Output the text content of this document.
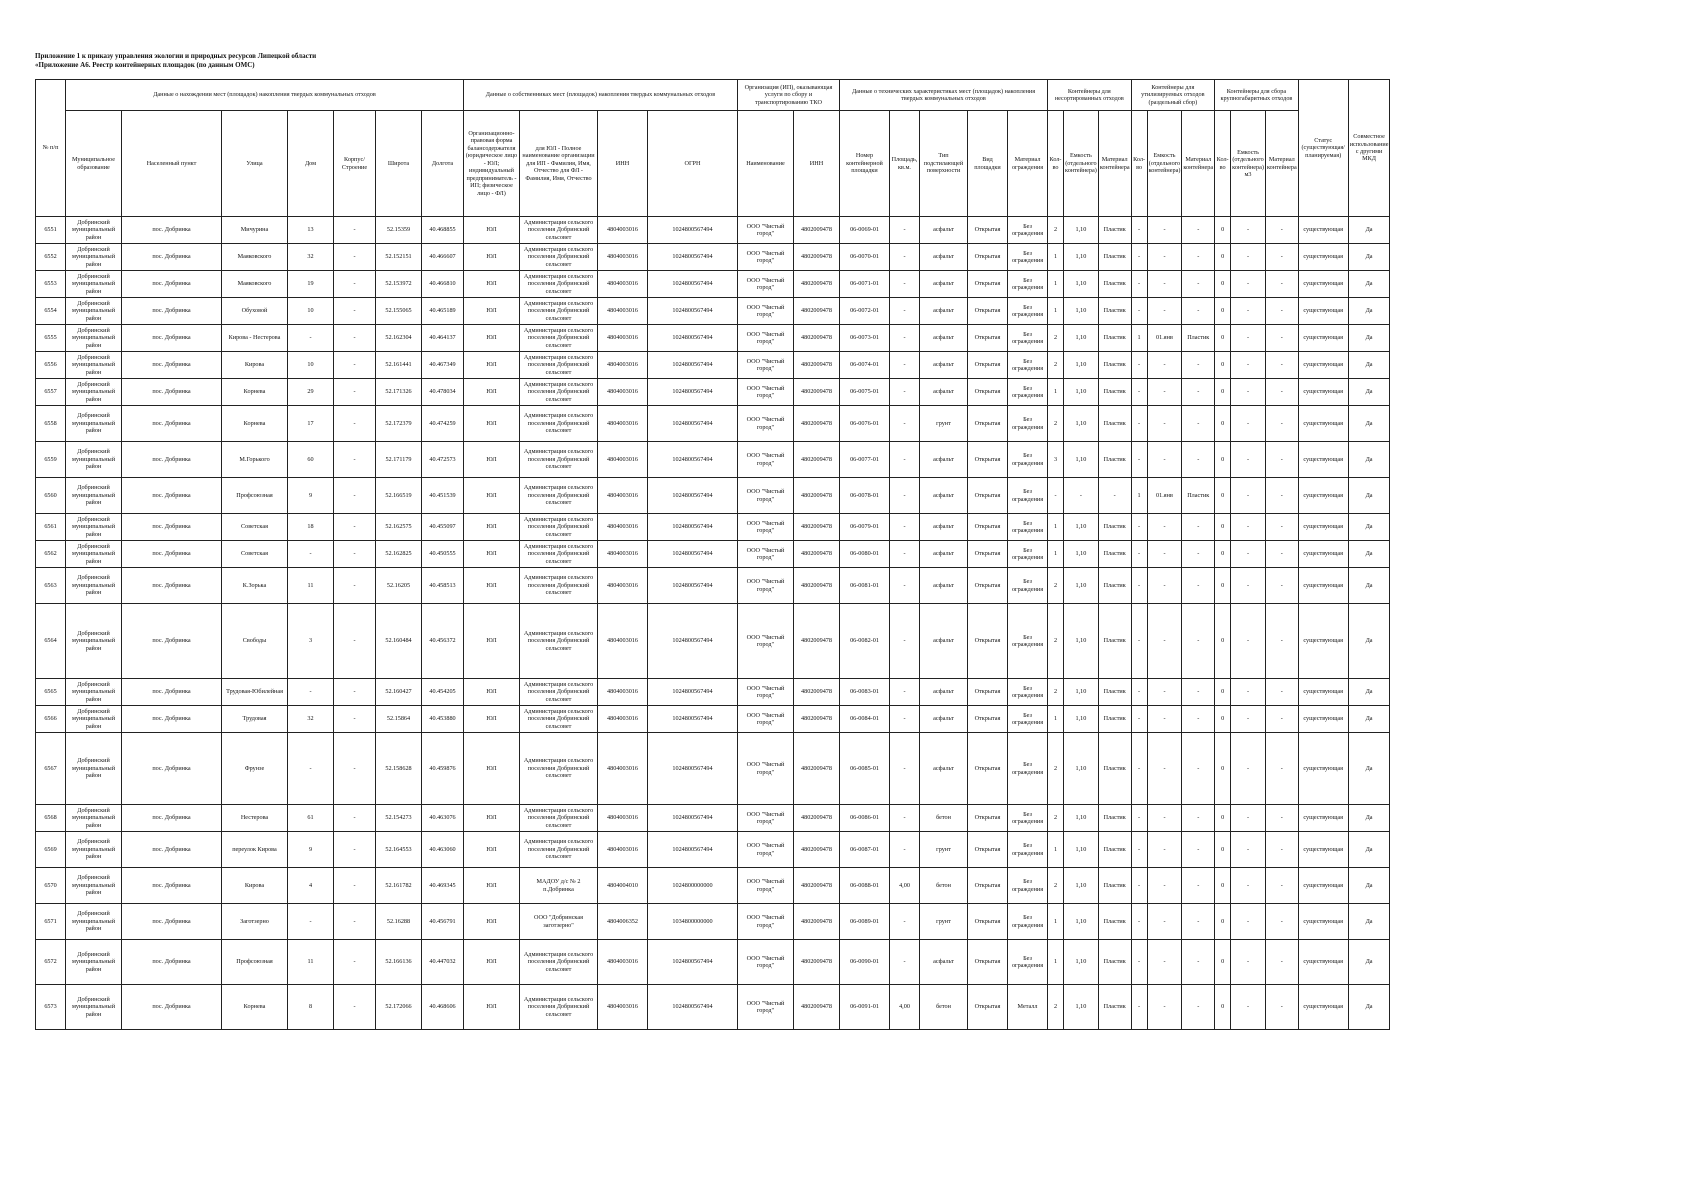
Приложение 1 к приказу управления экологии и природных ресурсов Липецкой области
«Приложение А6. Реестр контейнерных площадок (по данным ОМС)
№ п/п	Данные о нахождении мест (площадок) накопления твердых коммунальных отходов							Данные о собственниках мест (площадок) накопления твердых коммунальных отходов				Организация (ИП), оказывающая услуги по сбору и транспортированию ТКО		Данные о технических характеристиках мест (площадок) накопления твердых коммунальных отходов					Контейнеры для несортированных отходов			Контейнеры для утилизируемых отходов (раздельный сбор)			Контейнеры для сбора крупногабаритных отходов			Статус (существующая/планируемая)	Совместное использование с другими МКД
	Муниципальное образование	Населенный пункт	Улица	Дом	Корпус/Строение	Широта	Долгота	Организационно-правовая форма балансодержателя (юридическое лицо - ЮЛ; индивидуальный предприниматель - ИП; физическое лицо - ФЛ)	для ЮЛ - Полное наименование организации для ИП - Фамилия, Имя, Отчество для ФЛ - Фамилия, Имя, Отчество	ИНН	ОГРН	Наименование	ИНН	Номер контейнерной площадки	Площадь, кв.м.	Тип подстилающей поверхности	Вид площадки	Материал ограждения	Кол-во	Емкость (отдельного контейнера)	Материал контейнера	Кол-во	Емкость (отдельного контейнера)	Материал контейнера	Кол-во	Емкость (отдельного контейнера) м3	Материал контейнера		
6551	Добринский муниципальный район	пос. Добринка	Мичурина	13	-	52.15359	40.468855	ЮЛ	Администрация сельского поселения Добринский сельсовет	4804003016	1024800567494	ООО "Чистый город"	4802009478	06-0069-01	-	асфальт	Открытая	Без ограждения	2	1,10	Пластик	-	-	-	0	-	-	существующая	Да
6552	Добринский муниципальный район	пос. Добринка	Маяковского	32	-	52.152151	40.466607	ЮЛ	Администрация сельского поселения Добринский сельсовет	4804003016	1024800567494	ООО "Чистый город"	4802009478	06-0070-01	-	асфальт	Открытая	Без ограждения	1	1,10	Пластик	-	-	-	0	-	-	существующая	Да
6553	Добринский муниципальный район	пос. Добринка	Маяковского	19	-	52.153972	40.466810	ЮЛ	Администрация сельского поселения Добринский сельсовет	4804003016	1024800567494	ООО "Чистый город"	4802009478	06-0071-01	-	асфальт	Открытая	Без ограждения	1	1,10	Пластик	-	-	-	0	-	-	существующая	Да
6554	Добринский муниципальный район	пос. Добринка	Обуховой	10	-	52.155065	40.465189	ЮЛ	Администрация сельского поселения Добринский сельсовет	4804003016	1024800567494	ООО "Чистый город"	4802009478	06-0072-01	-	асфальт	Открытая	Без ограждения	1	1,10	Пластик	-	-	-	0	-	-	существующая	Да
6555	Добринский муниципальный район	пос. Добринка	Кирова - Нестерова	-	-	52.162304	40.464137	ЮЛ	Администрация сельского поселения Добринский сельсовет	4804003016	1024800567494	ООО "Чистый город"	4802009478	06-0073-01	-	асфальт	Открытая	Без ограждения	2	1,10	Пластик	1	01.янв	Пластик	0	-	-	существующая	Да
6556	Добринский муниципальный район	пос. Добринка	Кирова	10	-	52.161441	40.467349	ЮЛ	Администрация сельского поселения Добринский сельсовет	4804003016	1024800567494	ООО "Чистый город"	4802009478	06-0074-01	-	асфальт	Открытая	Без ограждения	2	1,10	Пластик	-	-	-	0	-	-	существующая	Да
6557	Добринский муниципальный район	пос. Добринка	Корнева	29	-	52.171326	40.478034	ЮЛ	Администрация сельского поселения Добринский сельсовет	4804003016	1024800567494	ООО "Чистый город"	4802009478	06-0075-01	-	асфальт	Открытая	Без ограждения	1	1,10	Пластик	-	-	-	0	-	-	существующая	Да
6558	Добринский муниципальный район	пос. Добринка	Корнева	17	-	52.172379	40.474259	ЮЛ	Администрация сельского поселения Добринский сельсовет	4804003016	1024800567494	ООО "Чистый город"	4802009478	06-0076-01	-	грунт	Открытая	Без ограждения	2	1,10	Пластик	-	-	-	0	-	-	существующая	Да
6559	Добринский муниципальный район	пос. Добринка	М.Горького	60	-	52.171179	40.472573	ЮЛ	Администрация сельского поселения Добринский сельсовет	4804003016	1024800567494	ООО "Чистый город"	4802009478	06-0077-01	-	асфальт	Открытая	Без ограждения	3	1,10	Пластик	-	-	-	0	-	-	существующая	Да
6560	Добринский муниципальный район	пос. Добринка	Профсоюзная	9	-	52.166519	40.451539	ЮЛ	Администрация сельского поселения Добринский сельсовет	4804003016	1024800567494	ООО "Чистый город"	4802009478	06-0078-01	-	асфальт	Открытая	Без ограждения	-	-	-	1	01.янв	Пластик	0	-	-	существующая	Да
6561	Добринский муниципальный район	пос. Добринка	Советская	18	-	52.162575	40.455097	ЮЛ	Администрация сельского поселения Добринский сельсовет	4804003016	1024800567494	ООО "Чистый город"	4802009478	06-0079-01	-	асфальт	Открытая	Без ограждения	1	1,10	Пластик	-	-	-	0	-	-	существующая	Да
6562	Добринский муниципальный район	пос. Добринка	Советская	-	-	52.162825	40.450555	ЮЛ	Администрация сельского поселения Добринский сельсовет	4804003016	1024800567494	ООО "Чистый город"	4802009478	06-0080-01	-	асфальт	Открытая	Без ограждения	1	1,10	Пластик	-	-	-	0	-	-	существующая	Да
6563	Добринский муниципальный район	пос. Добринка	К.Зорька	11	-	52.16205	40.458513	ЮЛ	Администрация сельского поселения Добринский сельсовет	4804003016	1024800567494	ООО "Чистый город"	4802009478	06-0081-01	-	асфальт	Открытая	Без ограждения	2	1,10	Пластик	-	-	-	0	-	-	существующая	Да
6564	Добринский муниципальный район	пос. Добринка	Свободы	3	-	52.160484	40.456372	ЮЛ	Администрация сельского поселения Добринский сельсовет	4804003016	1024800567494	ООО "Чистый город"	4802009478	06-0082-01	-	асфальт	Открытая	Без ограждения	2	1,10	Пластик	-	-	-	0	-	-	существующая	Да
6565	Добринский муниципальный район	пос. Добринка	Трудовая-Юбилейная	-	-	52.160427	40.454205	ЮЛ	Администрация сельского поселения Добринский сельсовет	4804003016	1024800567494	ООО "Чистый город"	4802009478	06-0083-01	-	асфальт	Открытая	Без ограждения	2	1,10	Пластик	-	-	-	0	-	-	существующая	Да
6566	Добринский муниципальный район	пос. Добринка	Трудовая	32	-	52.15864	40.453880	ЮЛ	Администрация сельского поселения Добринский сельсовет	4804003016	1024800567494	ООО "Чистый город"	4802009478	06-0084-01	-	асфальт	Открытая	Без ограждения	1	1,10	Пластик	-	-	-	0	-	-	существующая	Да
6567	Добринский муниципальный район	пос. Добринка	Фрунзе	-	-	52.158628	40.459876	ЮЛ	Администрация сельского поселения Добринский сельсовет	4804003016	1024800567494	ООО "Чистый город"	4802009478	06-0085-01	-	асфальт	Открытая	Без ограждения	2	1,10	Пластик	-	-	-	0	-	-	существующая	Да
6568	Добринский муниципальный район	пос. Добринка	Нестерова	61	-	52.154273	40.463076	ЮЛ	Администрация сельского поселения Добринский сельсовет	4804003016	1024800567494	ООО "Чистый город"	4802009478	06-0086-01	-	бетон	Открытая	Без ограждения	2	1,10	Пластик	-	-	-	0	-	-	существующая	Да
6569	Добринский муниципальный район	пос. Добринка	переулок Кирова	9	-	52.164553	40.463060	ЮЛ	Администрация сельского поселения Добринский сельсовет	4804003016	1024800567494	ООО "Чистый город"	4802009478	06-0087-01	-	грунт	Открытая	Без ограждения	1	1,10	Пластик	-	-	-	0	-	-	существующая	Да
6570	Добринский муниципальный район	пос. Добринка	Кирова	4	-	52.161782	40.469345	ЮЛ	МАДОУ д/с № 2 п.Добринка	4804004010	1024800000000	ООО "Чистый город"	4802009478	06-0088-01	4,00	бетон	Открытая	Без ограждения	2	1,10	Пластик	-	-	-	0	-	-	существующая	Да
6571	Добринский муниципальный район	пос. Добринка	Заготзерно	-	-	52.16288	40.456791	ЮЛ	ООО "Добринская заготзерно"	4804006352	1034800000000	ООО "Чистый город"	4802009478	06-0089-01	-	грунт	Открытая	Без ограждения	1	1,10	Пластик	-	-	-	0	-	-	существующая	Да
6572	Добринский муниципальный район	пос. Добринка	Профсоюзная	11	-	52.166136	40.447032	ЮЛ	Администрация сельского поселения Добринский сельсовет	4804003016	1024800567494	ООО "Чистый город"	4802009478	06-0090-01	-	асфальт	Открытая	Без ограждения	1	1,10	Пластик	-	-	-	0	-	-	существующая	Да
6573	Добринский муниципальный район	пос. Добринка	Корнева	8	-	52.172066	40.468606	ЮЛ	Администрация сельского поселения Добринский сельсовет	4804003016	1024800567494	ООО "Чистый город"	4802009478	06-0091-01	4,00	бетон	Открытая	Металл	2	1,10	Пластик	-	-	-	0	-	-	существующая	Да
